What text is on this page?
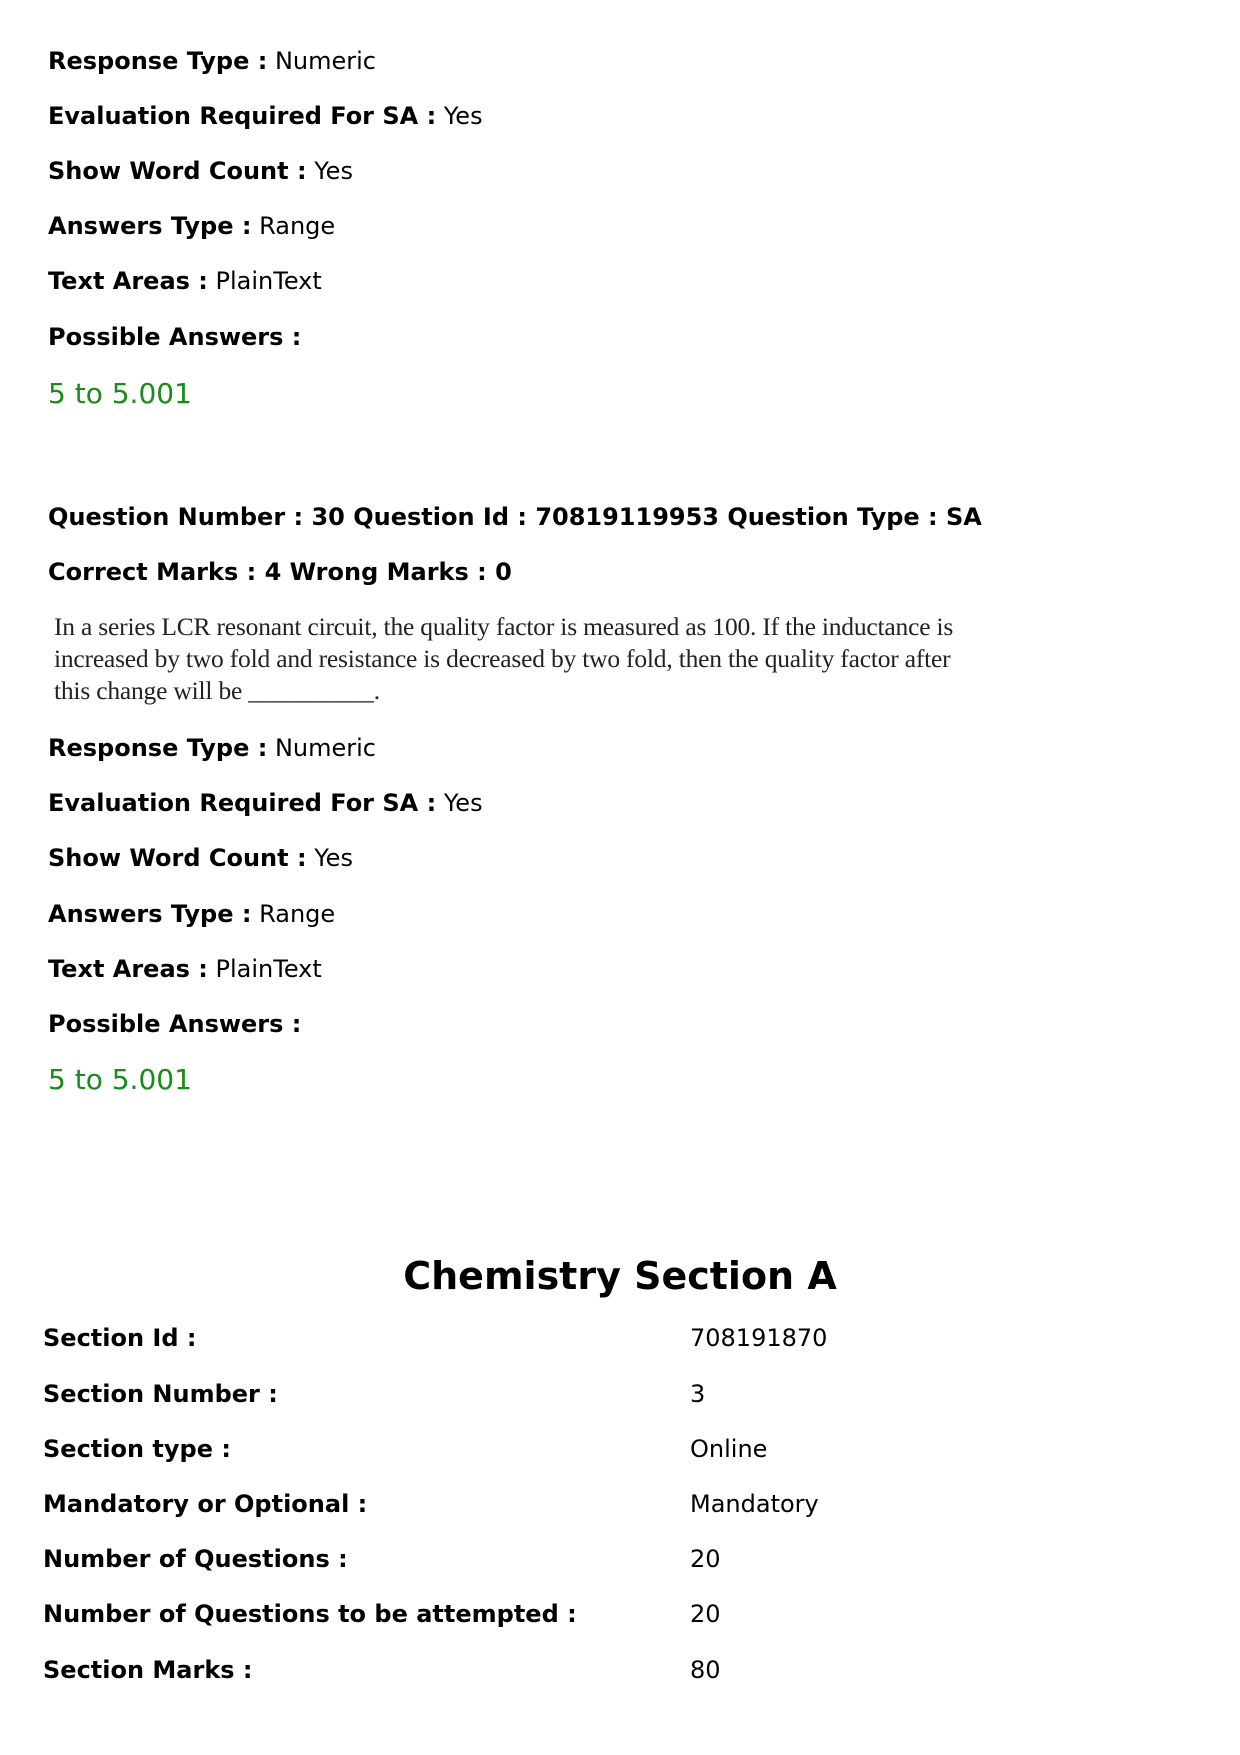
Response Type : Numeric
Evaluation Required For SA : Yes
Show Word Count : Yes
Answers Type : Range
Text Areas : PlainText
Possible Answers :
5 to 5.001
Question Number : 30 Question Id : 70819119953 Question Type : SA
Correct Marks : 4 Wrong Marks : 0
In a series LCR resonant circuit, the quality factor is measured as 100. If the inductance is
increased by two fold and resistance is decreased by two fold, then the quality factor after
this change will be __________.
Response Type : Numeric
Evaluation Required For SA : Yes
Show Word Count : Yes
Answers Type : Range
Text Areas : PlainText
Possible Answers :
5 to 5.001
Chemistry Section A
Section Id :	708191870
Section Number :	3
Section type :	Online
Mandatory or Optional :	Mandatory
Number of Questions :	20
Number of Questions to be attempted :	20
Section Marks :	80
